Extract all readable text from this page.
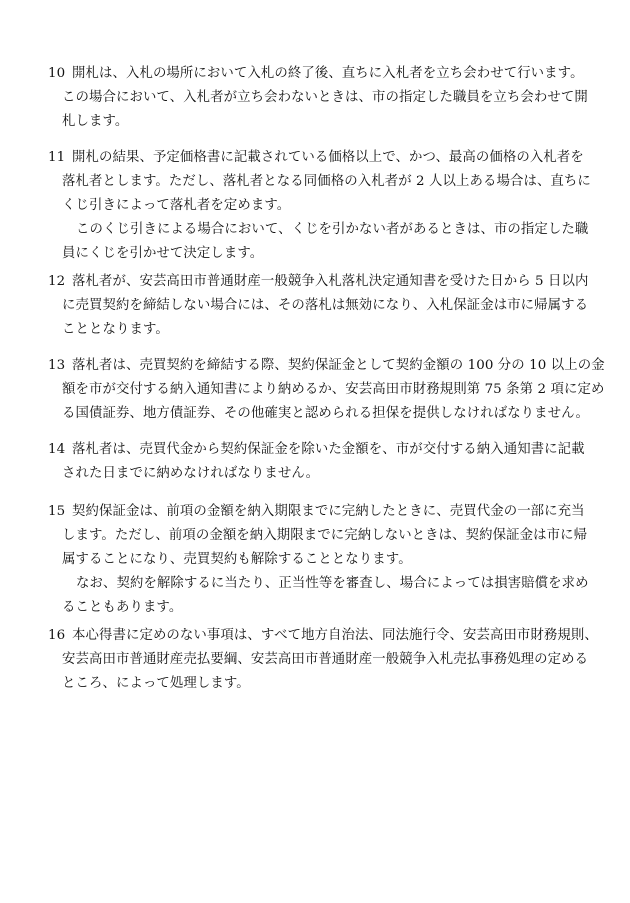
10 開札は、入札の場所において入札の終了後、直ちに入札者を立ち会わせて行います。
この場合において、入札者が立ち会わないときは、市の指定した職員を立ち会わせて開
札します。
11 開札の結果、予定価格書に記載されている価格以上で、かつ、最高の価格の入札者を
落札者とします。ただし、落札者となる同価格の入札者が 2 人以上ある場合は、直ちに
くじ引きによって落札者を定めます。
このくじ引きによる場合において、くじを引かない者があるときは、市の指定した職
員にくじを引かせて決定します。
12 落札者が、安芸高田市普通財産一般競争入札落札決定通知書を受けた日から 5 日以内
に売買契約を締結しない場合には、その落札は無効になり、入札保証金は市に帰属する
こととなります。
13 落札者は、売買契約を締結する際、契約保証金として契約金額の 100 分の 10 以上の金
額を市が交付する納入通知書により納めるか、安芸高田市財務規則第 75 条第 2 項に定め
る国債証券、地方債証券、その他確実と認められる担保を提供しなければなりません。
14 落札者は、売買代金から契約保証金を除いた金額を、市が交付する納入通知書に記載
された日までに納めなければなりません。
15 契約保証金は、前項の金額を納入期限までに完納したときに、売買代金の一部に充当
します。ただし、前項の金額を納入期限までに完納しないときは、契約保証金は市に帰
属することになり、売買契約も解除することとなります。
なお、契約を解除するに当たり、正当性等を審査し、場合によっては損害賠償を求め
ることもあります。
16 本心得書に定めのない事項は、すべて地方自治法、同法施行令、安芸高田市財務規則、
安芸高田市普通財産売払要綱、安芸高田市普通財産一般競争入札売払事務処理の定める
ところ、によって処理します。
